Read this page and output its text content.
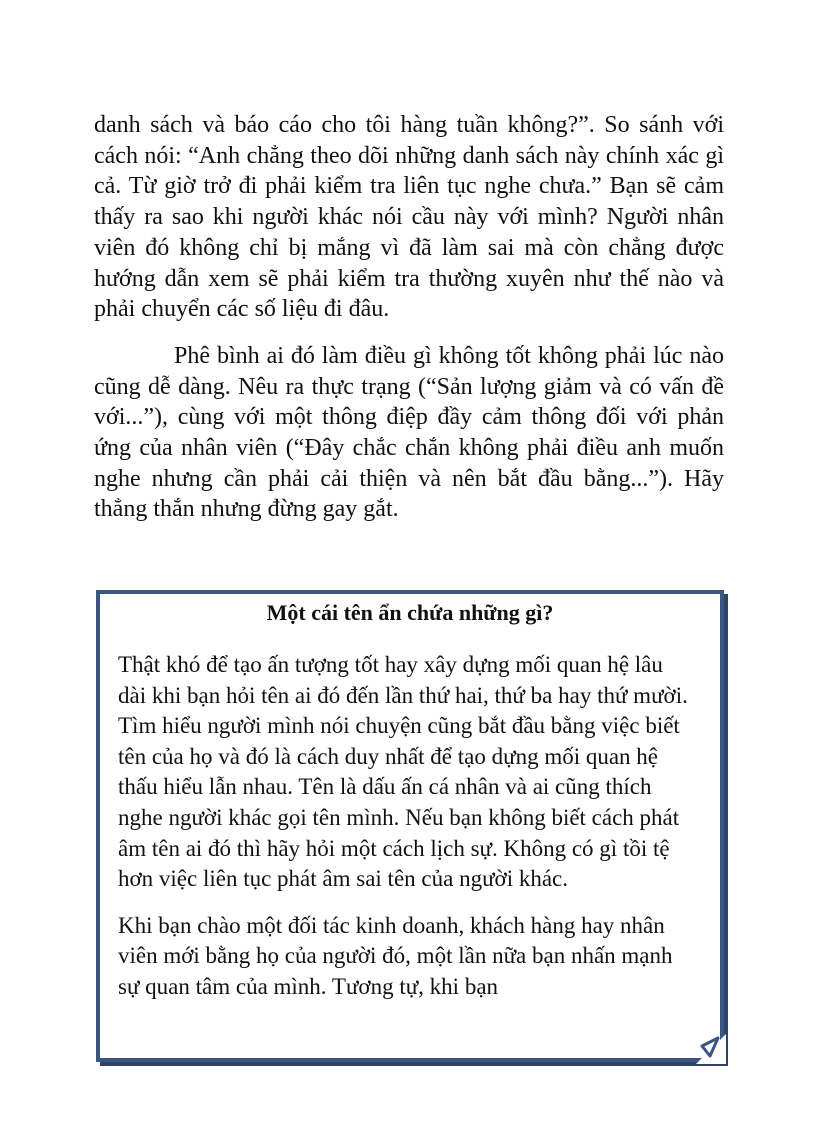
danh sách và báo cáo cho tôi hàng tuần không?”. So sánh với cách nói: “Anh chẳng theo dõi những danh sách này chính xác gì cả. Từ giờ trở đi phải kiểm tra liên tục nghe chưa.” Bạn sẽ cảm thấy ra sao khi người khác nói cầu này với mình? Người nhân viên đó không chỉ bị mắng vì đã làm sai mà còn chẳng được hướng dẫn xem sẽ phải kiểm tra thường xuyên như thế nào và phải chuyển các số liệu đi đâu.

Phê bình ai đó làm điều gì không tốt không phải lúc nào cũng dễ dàng. Nêu ra thực trạng (“Sản lượng giảm và có vấn đề với...”), cùng với một thông điệp đầy cảm thông đối với phản ứng của nhân viên (“Đây chắc chắn không phải điều anh muốn nghe nhưng cần phải cải thiện và nên bắt đầu bằng...”). Hãy thẳng thắn nhưng đừng gay gắt.

Một cái tên ẩn chứa những gì?

Thật khó để tạo ấn tượng tốt hay xây dựng mối quan hệ lâu dài khi bạn hỏi tên ai đó đến lần thứ hai, thứ ba hay thứ mười. Tìm hiểu người mình nói chuyện cũng bắt đầu bằng việc biết tên của họ và đó là cách duy nhất để tạo dựng mối quan hệ thấu hiểu lẫn nhau. Tên là dấu ấn cá nhân và ai cũng thích nghe người khác gọi tên mình. Nếu bạn không biết cách phát âm tên ai đó thì hãy hỏi một cách lịch sự. Không có gì tồi tệ hơn việc liên tục phát âm sai tên của người khác.

Khi bạn chào một đối tác kinh doanh, khách hàng hay nhân viên mới bằng họ của người đó, một lần nữa bạn nhấn mạnh sự quan tâm của mình. Tương tự, khi bạn
